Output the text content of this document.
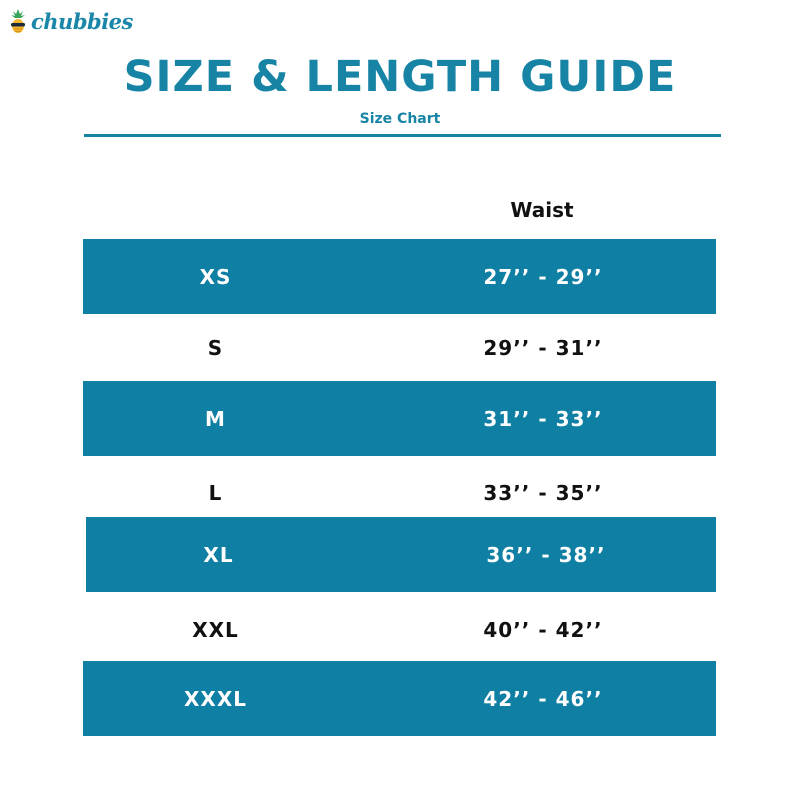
chubbies
SIZE & LENGTH GUIDE
Size Chart
Waist
XS	27’’ - 29’’
S	29’’ - 31’’
M	31’’ - 33’’
L	33’’ - 35’’
XL	36’’ - 38’’
XXL	40’’ - 42’’
XXXL	42’’ - 46’’
